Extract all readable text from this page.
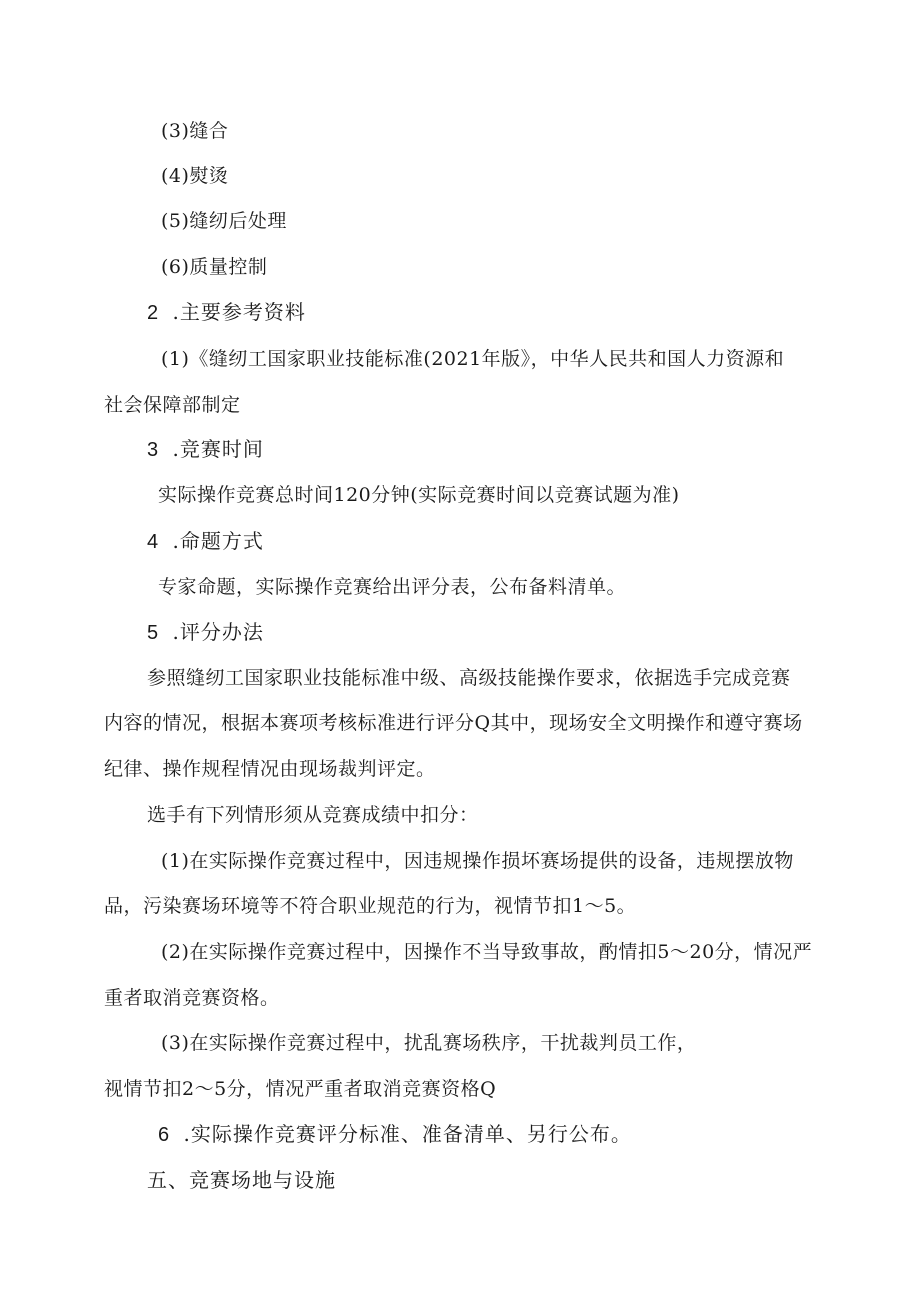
(3)缝合
(4)熨烫
(5)缝纫后处理
(6)质量控制
2 .主要参考资料
(1)《缝纫工国家职业技能标准(2021年版》，中华人民共和国人力资源和
社会保障部制定
3 .竞赛时间
实际操作竞赛总时间120分钟(实际竞赛时间以竞赛试题为准)
4 .命题方式
专家命题，实际操作竞赛给出评分表，公布备料清单。
5 .评分办法
参照缝纫工国家职业技能标准中级、高级技能操作要求，依据选手完成竞赛
内容的情况，根据本赛项考核标准进行评分Q其中，现场安全文明操作和遵守赛场
纪律、操作规程情况由现场裁判评定。
选手有下列情形须从竞赛成绩中扣分：
(1)在实际操作竞赛过程中，因违规操作损坏赛场提供的设备，违规摆放物
品，污染赛场环境等不符合职业规范的行为，视情节扣1～5。
(2)在实际操作竞赛过程中，因操作不当导致事故，酌情扣5～20分，情况严
重者取消竞赛资格。
(3)在实际操作竞赛过程中，扰乱赛场秩序，干扰裁判员工作，
视情节扣2～5分，情况严重者取消竞赛资格Q
6 .实际操作竞赛评分标准、准备清单、另行公布。
五、竞赛场地与设施
